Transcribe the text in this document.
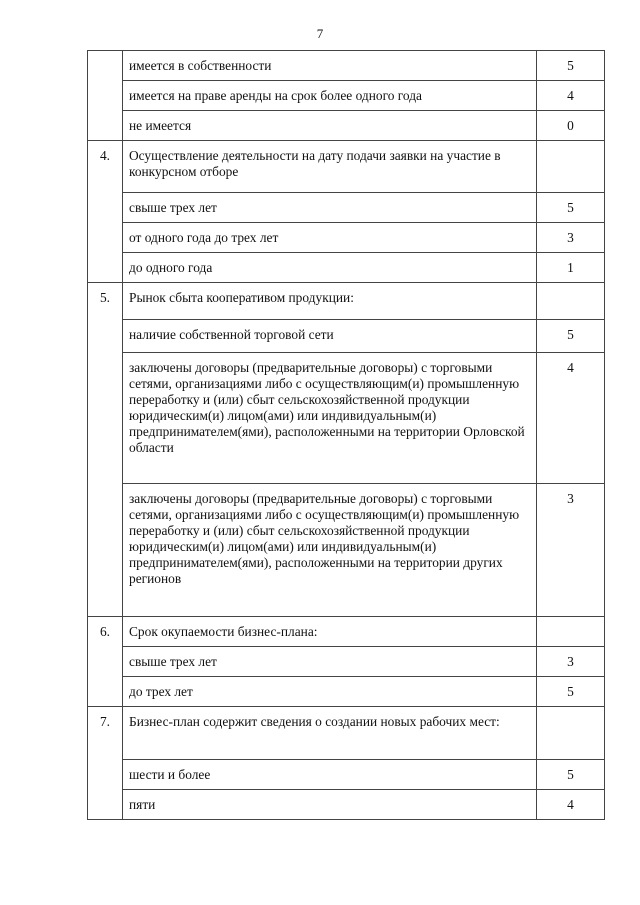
7
	имеется в собственности	5
	имеется на праве аренды на срок более одного года	4
	не имеется	0
4.	Осуществление деятельности на дату подачи заявки на участие в конкурсном отборе	
	свыше трех лет	5
	от одного года до трех лет	3
	до одного года	1
5.	Рынок сбыта кооперативом продукции:	
	наличие собственной торговой сети	5
	заключены договоры (предварительные договоры) с торговыми сетями, организациями либо с осуществляющим(и) промышленную переработку и (или) сбыт сельскохозяйственной продукции юридическим(и) лицом(ами) или индивидуальным(и) предпринимателем(ями), расположенными на территории Орловской области	4
	заключены договоры (предварительные договоры) с торговыми сетями, организациями либо с осуществляющим(и) промышленную переработку и (или) сбыт сельскохозяйственной продукции юридическим(и) лицом(ами) или индивидуальным(и) предпринимателем(ями), расположенными на территории других регионов	3
6.	Срок окупаемости бизнес-плана:	
	свыше трех лет	3
	до трех лет	5
7.	Бизнес-план содержит сведения о создании новых рабочих мест:	
	шести и более	5
	пяти	4
